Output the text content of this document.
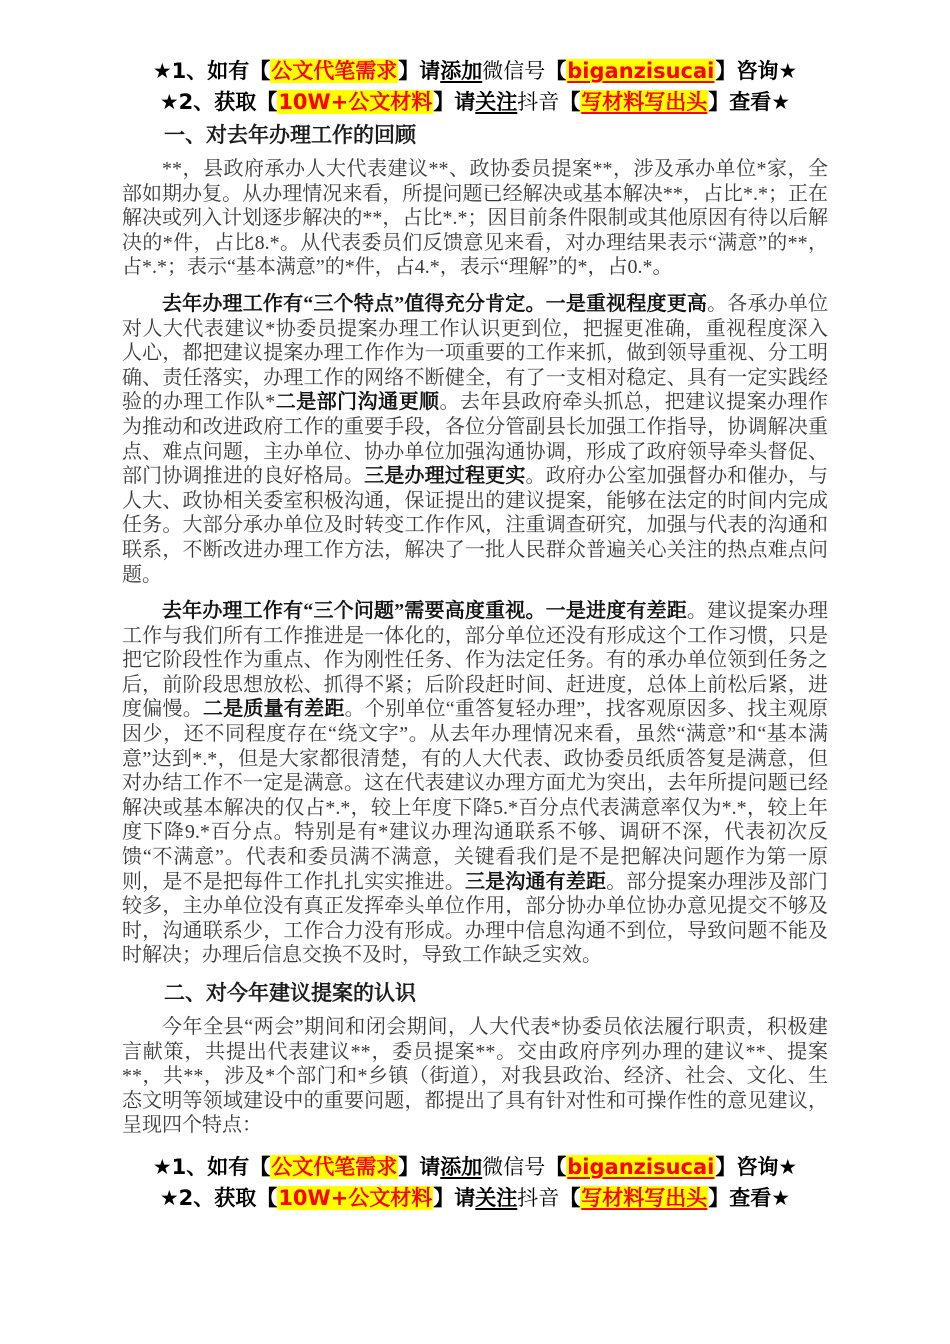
★1、如有【公文代笔需求】请添加微信号【biganzisucai】咨询★

★2、获取【10W+公文材料】请关注抖音【写材料写出头】查看★

一、对去年办理工作的回顾

**，县政府承办人大代表建议**、政协委员提案**，涉及承办单位*家，全部如期办复。从办理情况来看，所提问题已经解决或基本解决**，占比*.*；正在解决或列入计划逐步解决的**，占比*.*；因目前条件限制或其他原因有待以后解决的*件，占比8.*。从代表委员们反馈意见来看，对办理结果表示“满意”的**，占*.*；表示“基本满意”的*件，占4.*，表示“理解”的*，占0.*。

去年办理工作有“三个特点”值得充分肯定。一是重视程度更高。各承办单位对人大代表建议*协委员提案办理工作认识更到位，把握更准确，重视程度深入人心，都把建议提案办理工作作为一项重要的工作来抓，做到领导重视、分工明确、责任落实，办理工作的网络不断健全，有了一支相对稳定、具有一定实践经验的办理工作队*二是部门沟通更顺。去年县政府牵头抓总，把建议提案办理作为推动和改进政府工作的重要手段，各位分管副县长加强工作指导，协调解决重点、难点问题，主办单位、协办单位加强沟通协调，形成了政府领导牵头督促、部门协调推进的良好格局。三是办理过程更实。政府办公室加强督办和催办，与人大、政协相关委室积极沟通，保证提出的建议提案，能够在法定的时间内完成任务。大部分承办单位及时转变工作作风，注重调查研究，加强与代表的沟通和联系，不断改进办理工作方法，解决了一批人民群众普遍关心关注的热点难点问题。

去年办理工作有“三个问题”需要高度重视。一是进度有差距。建议提案办理工作与我们所有工作推进是一体化的，部分单位还没有形成这个工作习惯，只是把它阶段性作为重点、作为刚性任务、作为法定任务。有的承办单位领到任务之后，前阶段思想放松、抓得不紧；后阶段赶时间、赶进度，总体上前松后紧，进度偏慢。二是质量有差距。个别单位“重答复轻办理”，找客观原因多、找主观原因少，还不同程度存在“绕文字”。从去年办理情况来看，虽然“满意”和“基本满意”达到*.*，但是大家都很清楚，有的人大代表、政协委员纸质答复是满意，但对办结工作不一定是满意。这在代表建议办理方面尤为突出，去年所提问题已经解决或基本解决的仅占*.*，较上年度下降5.*百分点代表满意率仅为*.*，较上年度下降9.*百分点。特别是有*建议办理沟通联系不够、调研不深，代表初次反馈“不满意”。代表和委员满不满意，关键看我们是不是把解决问题作为第一原则，是不是把每件工作扎扎实实推进。三是沟通有差距。部分提案办理涉及部门较多，主办单位没有真正发挥牵头单位作用，部分协办单位协办意见提交不够及时，沟通联系少，工作合力没有形成。办理中信息沟通不到位，导致问题不能及时解决；办理后信息交换不及时，导致工作缺乏实效。

二、对今年建议提案的认识

今年全县“两会”期间和闭会期间，人大代表*协委员依法履行职责，积极建言献策，共提出代表建议**，委员提案**。交由政府序列办理的建议**、提案**，共**，涉及*个部门和*乡镇（街道），对我县政治、经济、社会、文化、生态文明等领域建设中的重要问题，都提出了具有针对性和可操作性的意见建议，呈现四个特点：

★1、如有【公文代笔需求】请添加微信号【biganzisucai】咨询★

★2、获取【10W+公文材料】请关注抖音【写材料写出头】查看★
